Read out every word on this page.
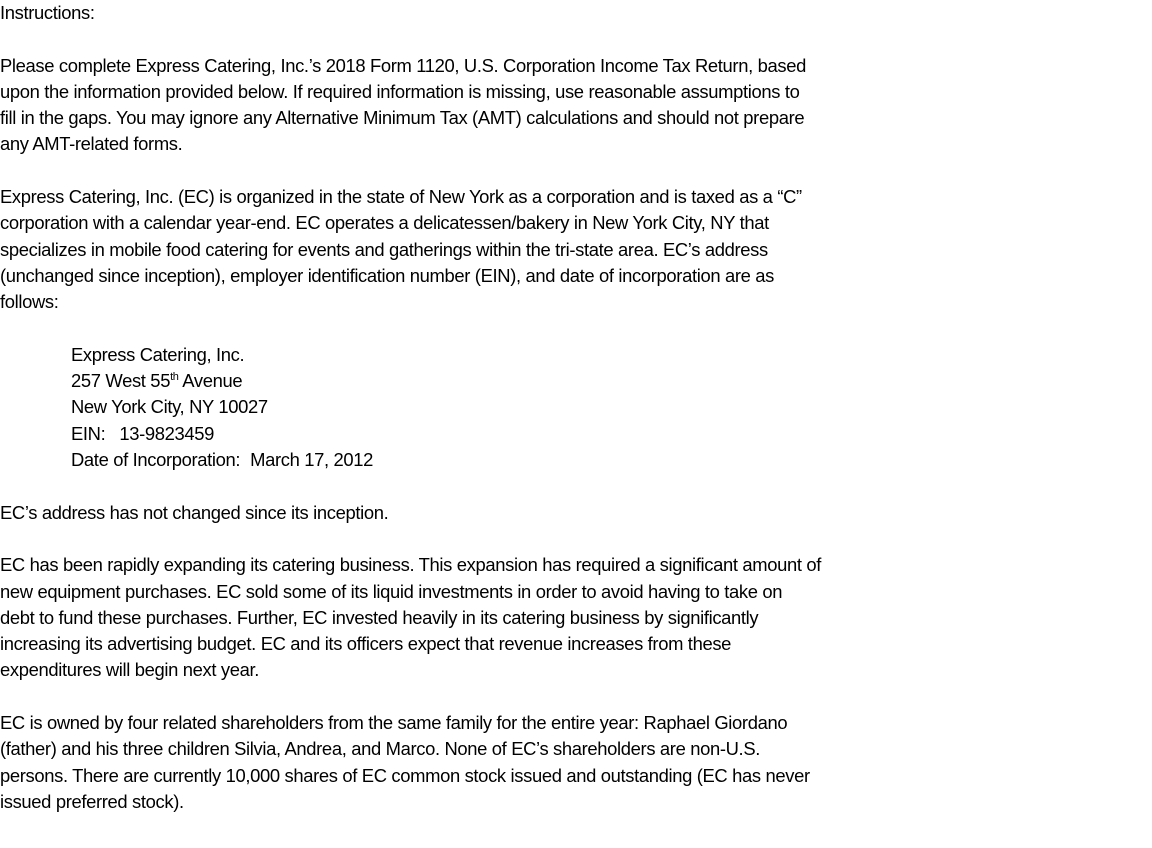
Instructions:
Please complete Express Catering, Inc.’s 2018 Form 1120, U.S. Corporation Income Tax Return, based
upon the information provided below. If required information is missing, use reasonable assumptions to
fill in the gaps. You may ignore any Alternative Minimum Tax (AMT) calculations and should not prepare
any AMT-related forms.
Express Catering, Inc. (EC) is organized in the state of New York as a corporation and is taxed as a “C”
corporation with a calendar year-end. EC operates a delicatessen/bakery in New York City, NY that
specializes in mobile food catering for events and gatherings within the tri-state area. EC’s address
(unchanged since inception), employer identification number (EIN), and date of incorporation are as
follows:
Express Catering, Inc.
257 West 55th Avenue
New York City, NY 10027
EIN: 13-9823459
Date of Incorporation: March 17, 2012
EC’s address has not changed since its inception.
EC has been rapidly expanding its catering business. This expansion has required a significant amount of
new equipment purchases. EC sold some of its liquid investments in order to avoid having to take on
debt to fund these purchases. Further, EC invested heavily in its catering business by significantly
increasing its advertising budget. EC and its officers expect that revenue increases from these
expenditures will begin next year.
EC is owned by four related shareholders from the same family for the entire year: Raphael Giordano
(father) and his three children Silvia, Andrea, and Marco. None of EC’s shareholders are non-U.S.
persons. There are currently 10,000 shares of EC common stock issued and outstanding (EC has never
issued preferred stock).
